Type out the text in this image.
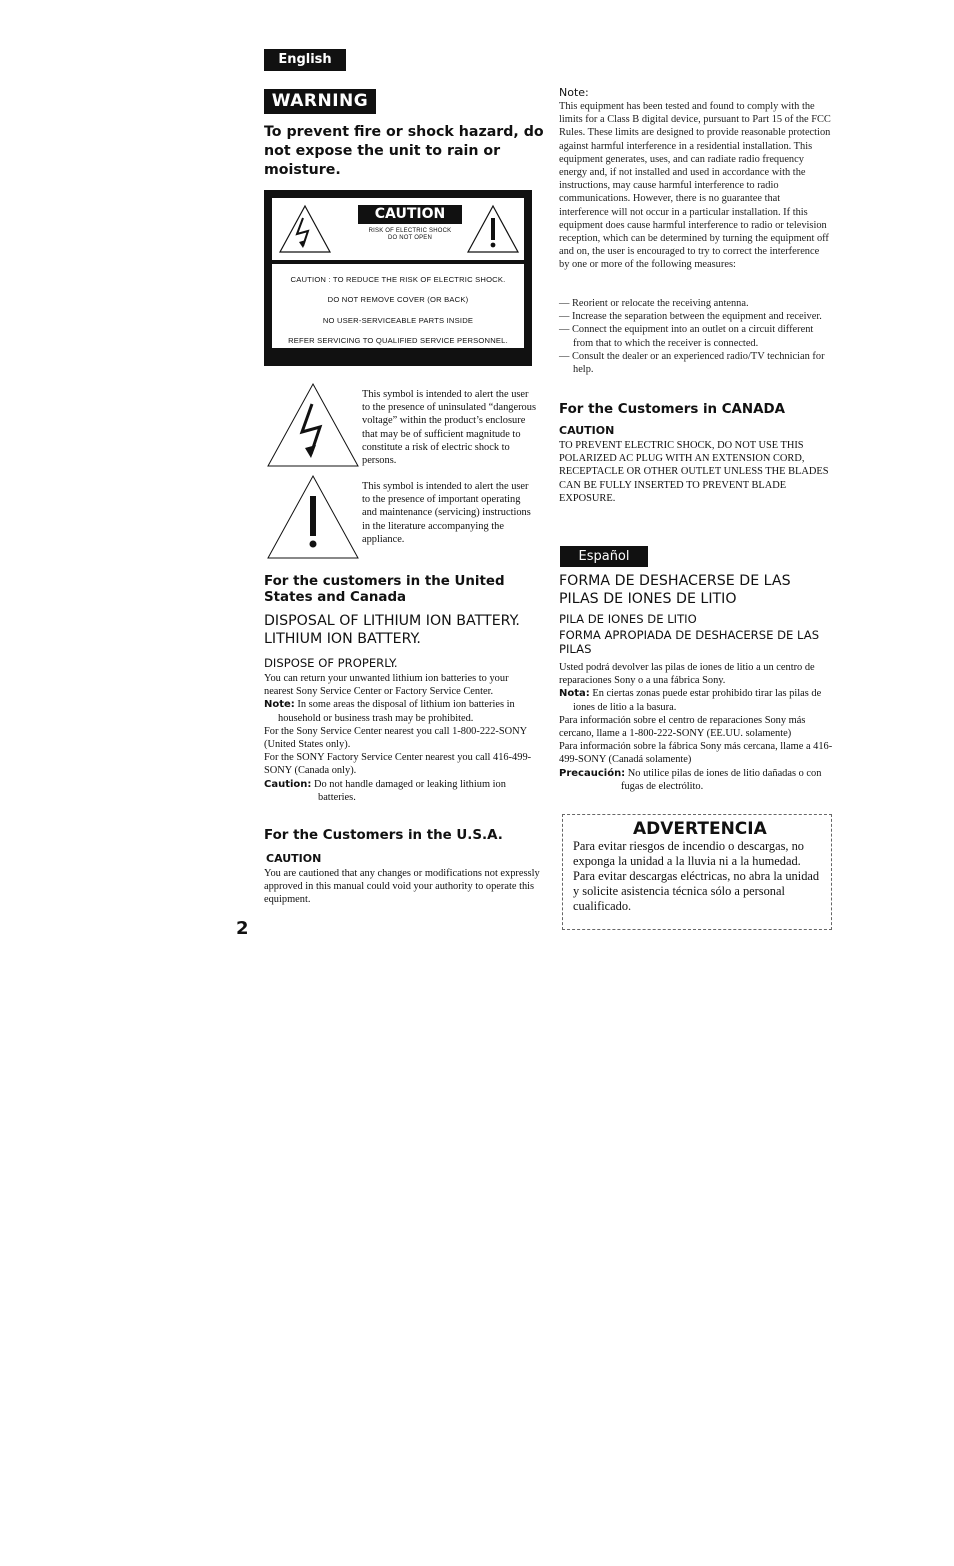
English
WARNING
To prevent fire or shock hazard, do not expose the unit to rain or moisture.
CAUTION
RISK OF ELECTRIC SHOCK
DO NOT OPEN
CAUTION : TO REDUCE THE RISK OF ELECTRIC SHOCK.
DO NOT REMOVE COVER (OR BACK)
NO USER-SERVICEABLE PARTS INSIDE
REFER SERVICING TO QUALIFIED SERVICE PERSONNEL.
This symbol is intended to alert the user to the presence of uninsulated “dangerous voltage” within the product’s enclosure that may be of sufficient magnitude to constitute a risk of electric shock to persons.
This symbol is intended to alert the user to the presence of important operating and maintenance (servicing) instructions in the literature accompanying the appliance.
For the customers in the United States and Canada
DISPOSAL OF LITHIUM ION BATTERY. LITHIUM ION BATTERY.
DISPOSE OF PROPERLY.
You can return your unwanted lithium ion batteries to your nearest Sony Service Center or Factory Service Center.
Note: In some areas the disposal of lithium ion batteries in household or business trash may be prohibited.
For the Sony Service Center nearest you call 1-800-222-SONY (United States only).
For the SONY Factory Service Center nearest you call 416-499-SONY (Canada only).
Caution: Do not handle damaged or leaking lithium ion batteries.
For the Customers in the U.S.A.
CAUTION
You are cautioned that any changes or modifications not expressly approved in this manual could void your authority to operate this equipment.
2
Note:
This equipment has been tested and found to comply with the limits for a Class B digital device, pursuant to Part 15 of the FCC Rules. These limits are designed to provide reasonable protection against harmful interference in a residential installation. This equipment generates, uses, and can radiate radio frequency energy and, if not installed and used in accordance with the instructions, may cause harmful interference to radio communications. However, there is no guarantee that interference will not occur in a particular installation. If this equipment does cause harmful interference to radio or television reception, which can be determined by turning the equipment off and on, the user is encouraged to try to correct the interference by one or more of the following measures:
— Reorient or relocate the receiving antenna.
— Increase the separation between the equipment and receiver.
— Connect the equipment into an outlet on a circuit different from that to which the receiver is connected.
— Consult the dealer or an experienced radio/TV technician for help.
For the Customers in CANADA
CAUTION
TO PREVENT ELECTRIC SHOCK, DO NOT USE THIS POLARIZED AC PLUG WITH AN EXTENSION CORD, RECEPTACLE OR OTHER OUTLET UNLESS THE BLADES CAN BE FULLY INSERTED TO PREVENT BLADE EXPOSURE.
Español
FORMA DE DESHACERSE DE LAS PILAS DE IONES DE LITIO
PILA DE IONES DE LITIO
FORMA APROPIADA DE DESHACERSE DE LAS PILAS
Usted podrá devolver las pilas de iones de litio a un centro de reparaciones Sony o a una fábrica Sony.
Nota: En ciertas zonas puede estar prohibido tirar las pilas de iones de litio a la basura.
Para información sobre el centro de reparaciones Sony más cercano, llame a 1-800-222-SONY (EE.UU. solamente)
Para información sobre la fábrica Sony más cercana, llame a 416-499-SONY (Canadá solamente)
Precaución: No utilice pilas de iones de litio dañadas o con fugas de electrólito.
ADVERTENCIA
Para evitar riesgos de incendio o descargas, no exponga la unidad a la lluvia ni a la humedad.
Para evitar descargas eléctricas, no abra la unidad y solicite asistencia técnica sólo a personal cualificado.
